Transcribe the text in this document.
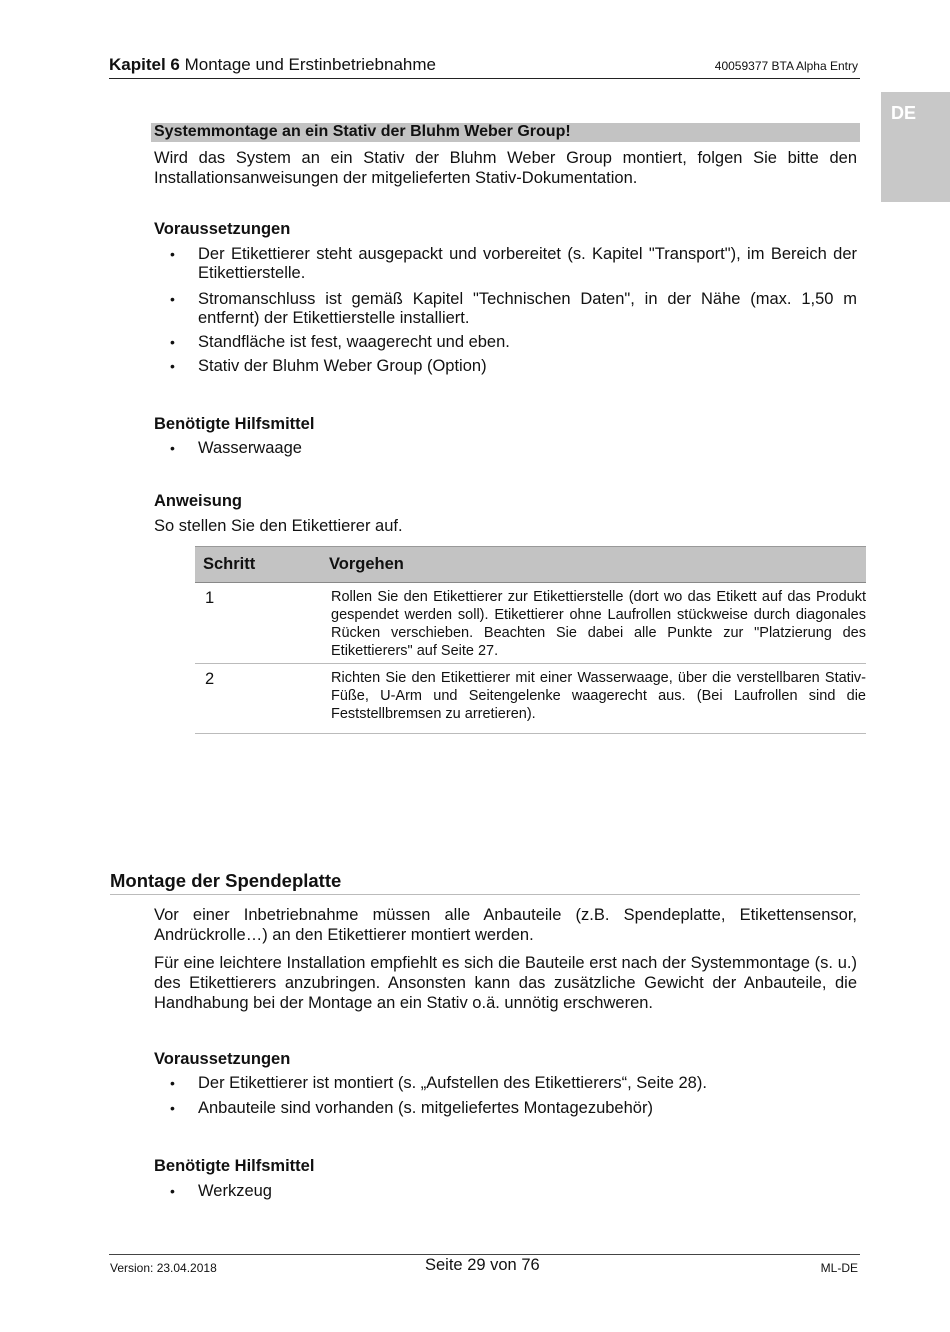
Kapitel 6 Montage und Erstinbetriebnahme	40059377 BTA Alpha Entry
DE
Systemmontage an ein Stativ der Bluhm Weber Group!
Wird das System an ein Stativ der Bluhm Weber Group montiert, folgen Sie bitte den Installationsanweisungen der mitgelieferten Stativ-Dokumentation.
Voraussetzungen
• Der Etikettierer steht ausgepackt und vorbereitet (s. Kapitel "Transport"), im Bereich der Etikettierstelle.
• Stromanschluss ist gemäß Kapitel "Technischen Daten", in der Nähe (max. 1,50 m entfernt) der Etikettierstelle installiert.
• Standfläche ist fest, waagerecht und eben.
• Stativ der Bluhm Weber Group (Option)
Benötigte Hilfsmittel
• Wasserwaage
Anweisung
So stellen Sie den Etikettierer auf.
Schritt	Vorgehen
1	Rollen Sie den Etikettierer zur Etikettierstelle (dort wo das Etikett auf das Produkt gespendet werden soll). Etikettierer ohne Laufrollen stückweise durch diagonales Rücken verschieben. Beachten Sie dabei alle Punkte zur "Platzierung des Etikettierers" auf Seite 27.
2	Richten Sie den Etikettierer mit einer Wasserwaage, über die verstellbaren Stativ-Füße, U-Arm und Seitengelenke waagerecht aus. (Bei Laufrollen sind die Feststellbremsen zu arretieren).
Montage der Spendeplatte
Vor einer Inbetriebnahme müssen alle Anbauteile (z.B. Spendeplatte, Etikettensensor, Andrückrolle…) an den Etikettierer montiert werden.
Für eine leichtere Installation empfiehlt es sich die Bauteile erst nach der Systemmontage (s. u.) des Etikettierers anzubringen. Ansonsten kann das zusätzliche Gewicht der Anbauteile, die Handhabung bei der Montage an ein Stativ o.ä. unnötig erschweren.
Voraussetzungen
• Der Etikettierer ist montiert (s. „Aufstellen des Etikettierers“, Seite 28).
• Anbauteile sind vorhanden (s. mitgeliefertes Montagezubehör)
Benötigte Hilfsmittel
• Werkzeug
Version: 23.04.2018	Seite 29 von 76	ML-DE
